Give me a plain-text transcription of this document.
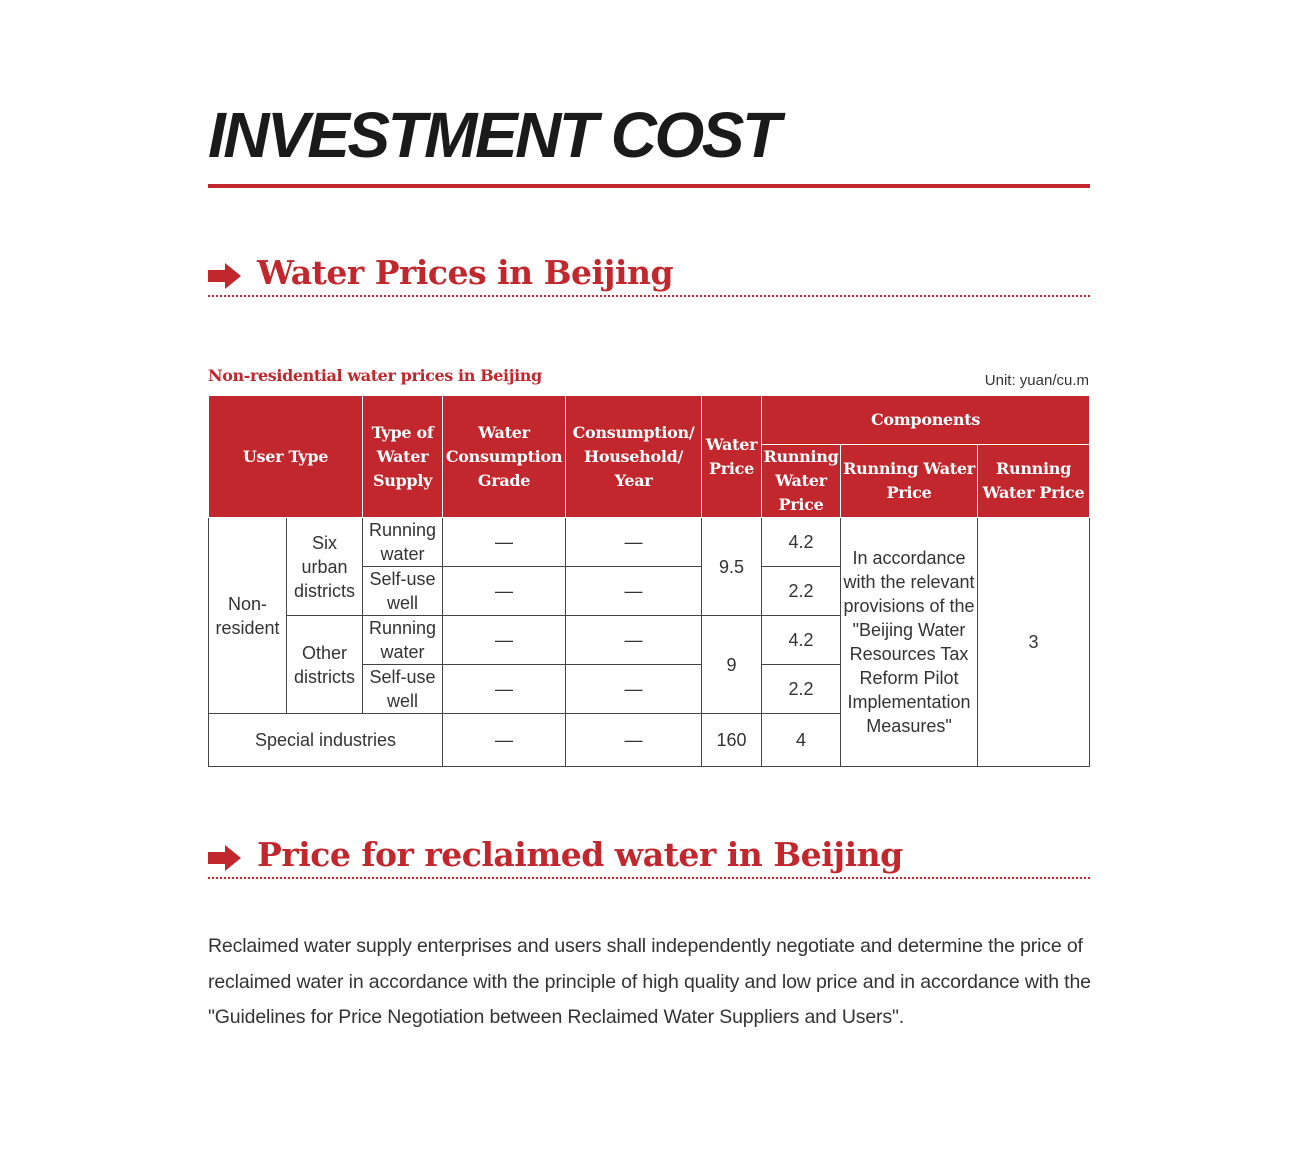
INVESTMENT COST
Water Prices in Beijing
Non-residential water prices in Beijing	Unit: yuan/cu.m
User Type		Type of Water Supply	Water Consumption Grade	Consumption/ Household/ Year	Water Price	Components		
						Running Water Price	Running Water Price	Running Water Price
Non-resident	Six urban districts	Running water	—	—	9.5	4.2	In accordance with the relevant provisions of the "Beijing Water Resources Tax Reform Pilot Implementation Measures"	3
		Self-use well	—	—		2.2		
	Other districts	Running water	—	—	9	4.2		
		Self-use well	—	—		2.2		
Special industries			—	—	160	4		
Price for reclaimed water in Beijing

Reclaimed water supply enterprises and users shall independently negotiate and determine the price of reclaimed water in accordance with the principle of high quality and low price and in accordance with the "Guidelines for Price Negotiation between Reclaimed Water Suppliers and Users".
